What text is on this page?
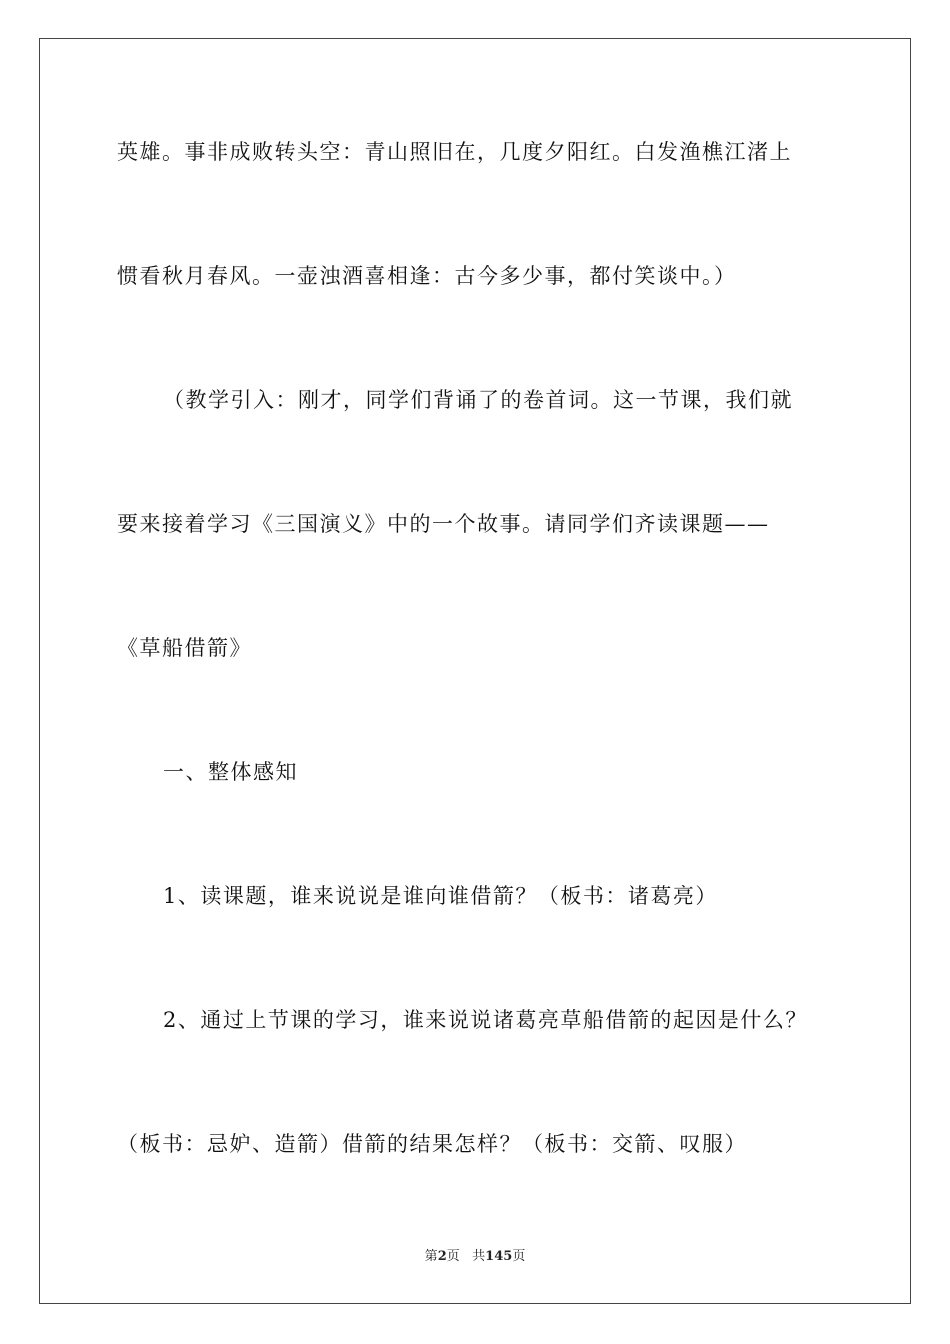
英雄。事非成败转头空：青山照旧在，几度夕阳红。白发渔樵江渚上
惯看秋月春风。一壶浊酒喜相逢：古今多少事，都付笑谈中。）
（教学引入：刚才，同学们背诵了的卷首词。这一节课，我们就
要来接着学习《三国演义》中的一个故事。请同学们齐读课题——
《草船借箭》
一、整体感知
1、读课题，谁来说说是谁向谁借箭？（板书：诸葛亮）
2、通过上节课的学习，谁来说说诸葛亮草船借箭的起因是什么？
（板书：忌妒、造箭）借箭的结果怎样？（板书：交箭、叹服）
第2页 共145页
